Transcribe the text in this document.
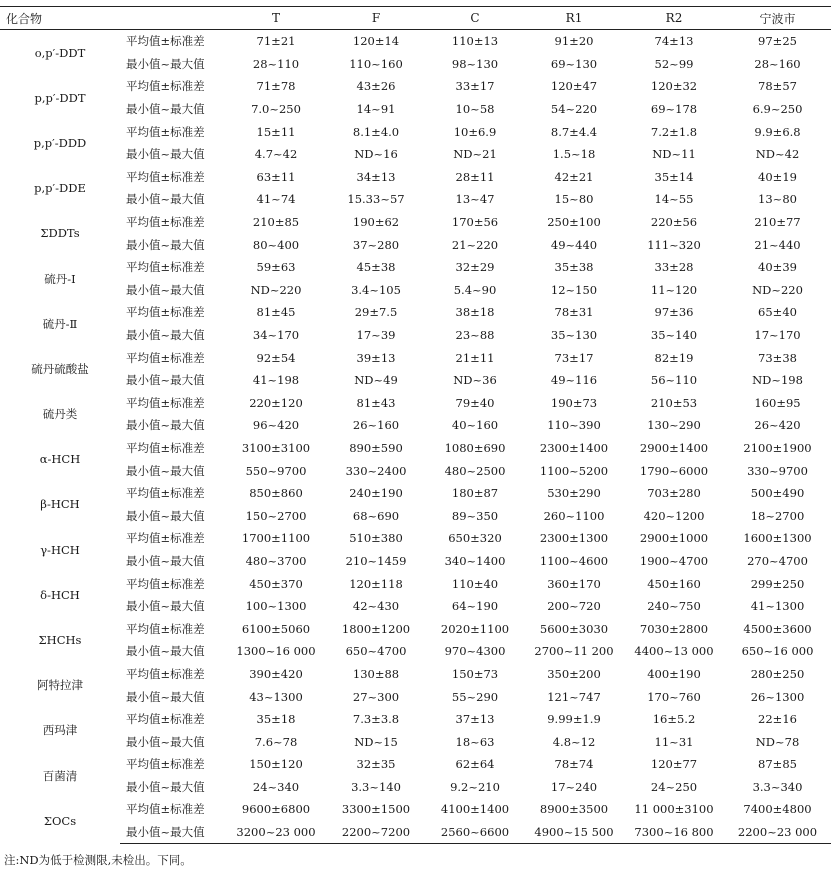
化合物		T	F	C	R1	R2	宁波市
o,p′-DDT	平均值±标准差	71±21	120±14	110±13	91±20	74±13	97±25
	最小值~最大值	28~110	110~160	98~130	69~130	52~99	28~160
p,p′-DDT	平均值±标准差	71±78	43±26	33±17	120±47	120±32	78±57
	最小值~最大值	7.0~250	14~91	10~58	54~220	69~178	6.9~250
p,p′-DDD	平均值±标准差	15±11	8.1±4.0	10±6.9	8.7±4.4	7.2±1.8	9.9±6.8
	最小值~最大值	4.7~42	ND~16	ND~21	1.5~18	ND~11	ND~42
p,p′-DDE	平均值±标准差	63±11	34±13	28±11	42±21	35±14	40±19
	最小值~最大值	41~74	15.33~57	13~47	15~80	14~55	13~80
ΣDDTs	平均值±标准差	210±85	190±62	170±56	250±100	220±56	210±77
	最小值~最大值	80~400	37~280	21~220	49~440	111~320	21~440
硫丹-Ⅰ	平均值±标准差	59±63	45±38	32±29	35±38	33±28	40±39
	最小值~最大值	ND~220	3.4~105	5.4~90	12~150	11~120	ND~220
硫丹-Ⅱ	平均值±标准差	81±45	29±7.5	38±18	78±31	97±36	65±40
	最小值~最大值	34~170	17~39	23~88	35~130	35~140	17~170
硫丹硫酸盐	平均值±标准差	92±54	39±13	21±11	73±17	82±19	73±38
	最小值~最大值	41~198	ND~49	ND~36	49~116	56~110	ND~198
硫丹类	平均值±标准差	220±120	81±43	79±40	190±73	210±53	160±95
	最小值~最大值	96~420	26~160	40~160	110~390	130~290	26~420
α-HCH	平均值±标准差	3100±3100	890±590	1080±690	2300±1400	2900±1400	2100±1900
	最小值~最大值	550~9700	330~2400	480~2500	1100~5200	1790~6000	330~9700
β-HCH	平均值±标准差	850±860	240±190	180±87	530±290	703±280	500±490
	最小值~最大值	150~2700	68~690	89~350	260~1100	420~1200	18~2700
γ-HCH	平均值±标准差	1700±1100	510±380	650±320	2300±1300	2900±1000	1600±1300
	最小值~最大值	480~3700	210~1459	340~1400	1100~4600	1900~4700	270~4700
δ-HCH	平均值±标准差	450±370	120±118	110±40	360±170	450±160	299±250
	最小值~最大值	100~1300	42~430	64~190	200~720	240~750	41~1300
ΣHCHs	平均值±标准差	6100±5060	1800±1200	2020±1100	5600±3030	7030±2800	4500±3600
	最小值~最大值	1300~16 000	650~4700	970~4300	2700~11 200	4400~13 000	650~16 000
阿特拉津	平均值±标准差	390±420	130±88	150±73	350±200	400±190	280±250
	最小值~最大值	43~1300	27~300	55~290	121~747	170~760	26~1300
西玛津	平均值±标准差	35±18	7.3±3.8	37±13	9.99±1.9	16±5.2	22±16
	最小值~最大值	7.6~78	ND~15	18~63	4.8~12	11~31	ND~78
百菌清	平均值±标准差	150±120	32±35	62±64	78±74	120±77	87±85
	最小值~最大值	24~340	3.3~140	9.2~210	17~240	24~250	3.3~340
ΣOCs	平均值±标准差	9600±6800	3300±1500	4100±1400	8900±3500	11 000±3100	7400±4800
	最小值~最大值	3200~23 000	2200~7200	2560~6600	4900~15 500	7300~16 800	2200~23 000
注:ND为低于检测限,未检出。下同。
